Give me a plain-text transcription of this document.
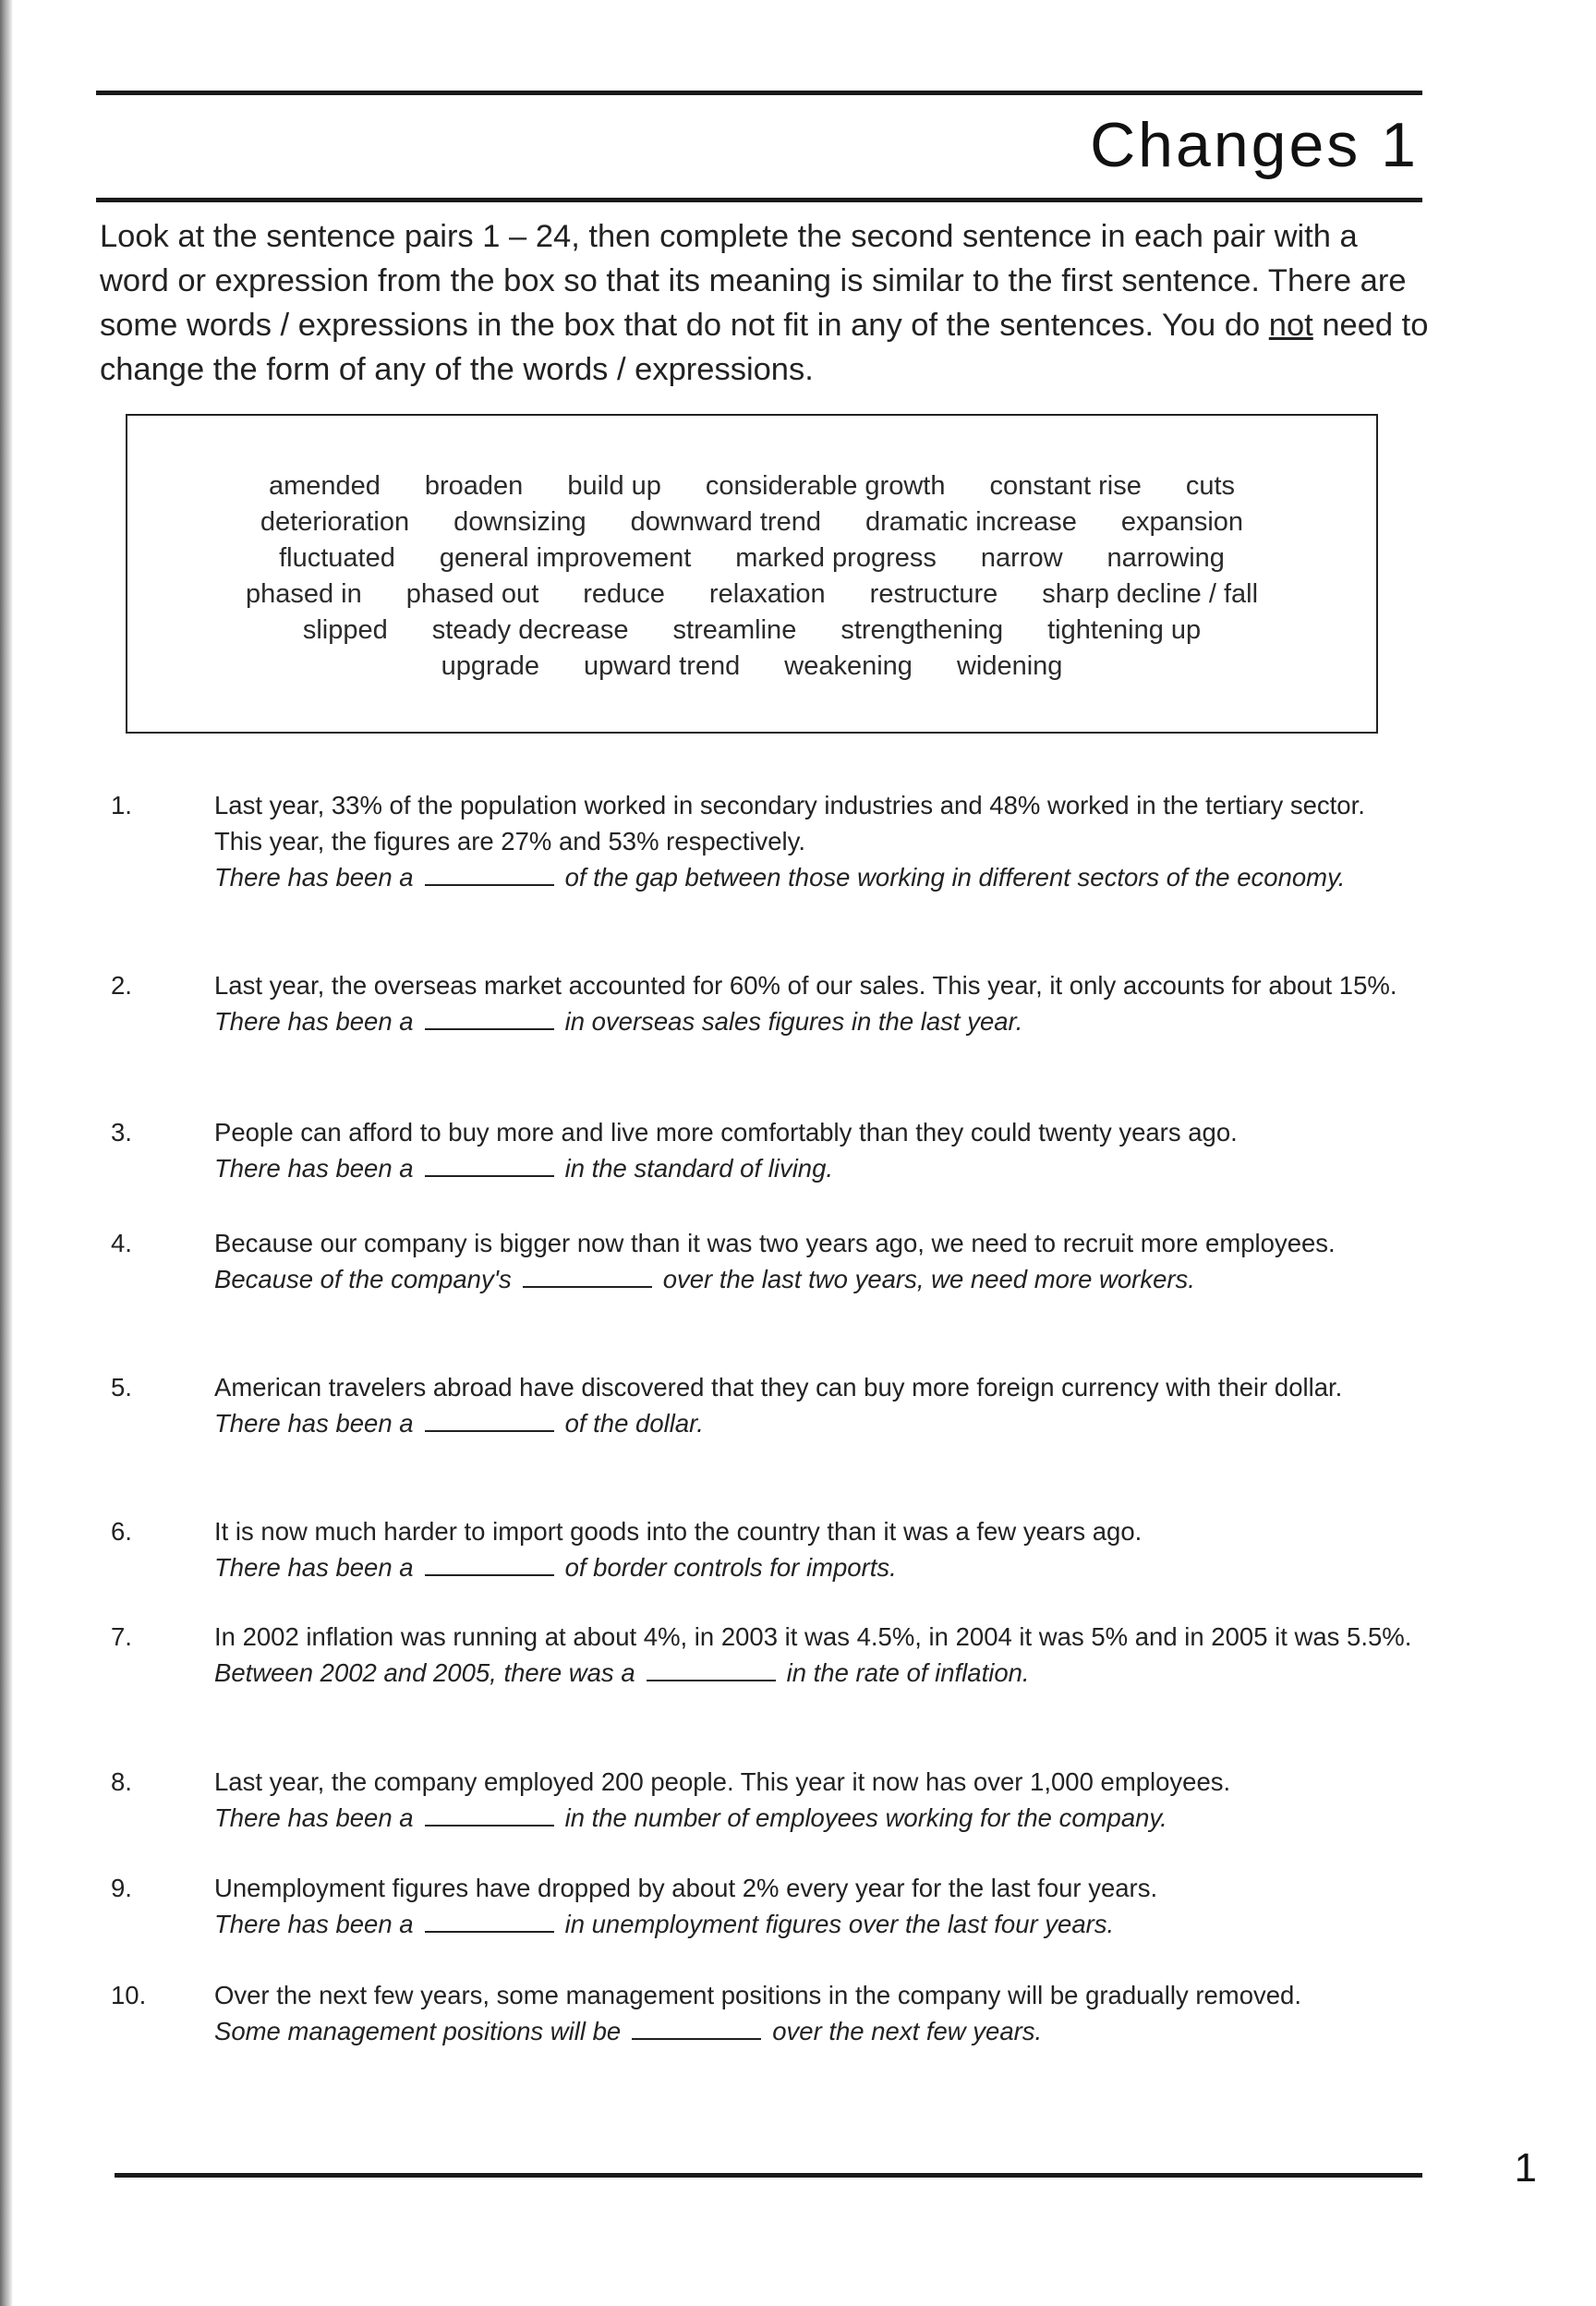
Changes 1

Look at the sentence pairs 1 – 24, then complete the second sentence in each pair with a word or expression from the box so that its meaning is similar to the first sentence. There are some words / expressions in the box that do not fit in any of the sentences. You do not need to change the form of any of the words / expressions.

amended broaden build up considerable growth constant rise cuts
deterioration downsizing downward trend dramatic increase expansion
fluctuated general improvement marked progress narrow narrowing
phased in phased out reduce relaxation restructure sharp decline / fall
slipped steady decrease streamline strengthening tightening up
upgrade upward trend weakening widening
1.	Last year, 33% of the population worked in secondary industries and 48% worked in the tertiary sector. This year, the figures are 27% and 53% respectively.
There has been a	of the gap between those working in different sectors of the economy.
2.	Last year, the overseas market accounted for 60% of our sales. This year, it only accounts for about 15%.
There has been a	in overseas sales figures in the last year.
3.	People can afford to buy more and live more comfortably than they could twenty years ago.
There has been a	in the standard of living.
4.	Because our company is bigger now than it was two years ago, we need to recruit more employees.
Because of the company's	over the last two years, we need more workers.
5.	American travelers abroad have discovered that they can buy more foreign currency with their dollar.
There has been a	of the dollar.
6.	It is now much harder to import goods into the country than it was a few years ago.
There has been a	of border controls for imports.
7.	In 2002 inflation was running at about 4%, in 2003 it was 4.5%, in 2004 it was 5% and in 2005 it was 5.5%.
Between 2002 and 2005, there was a	in the rate of inflation.
8.	Last year, the company employed 200 people. This year it now has over 1,000 employees.
There has been a	in the number of employees working for the company.
9.	Unemployment figures have dropped by about 2% every year for the last four years.
There has been a	in unemployment figures over the last four years.
10.	Over the next few years, some management positions in the company will be gradually removed.
Some management positions will be	over the next few years.

1
